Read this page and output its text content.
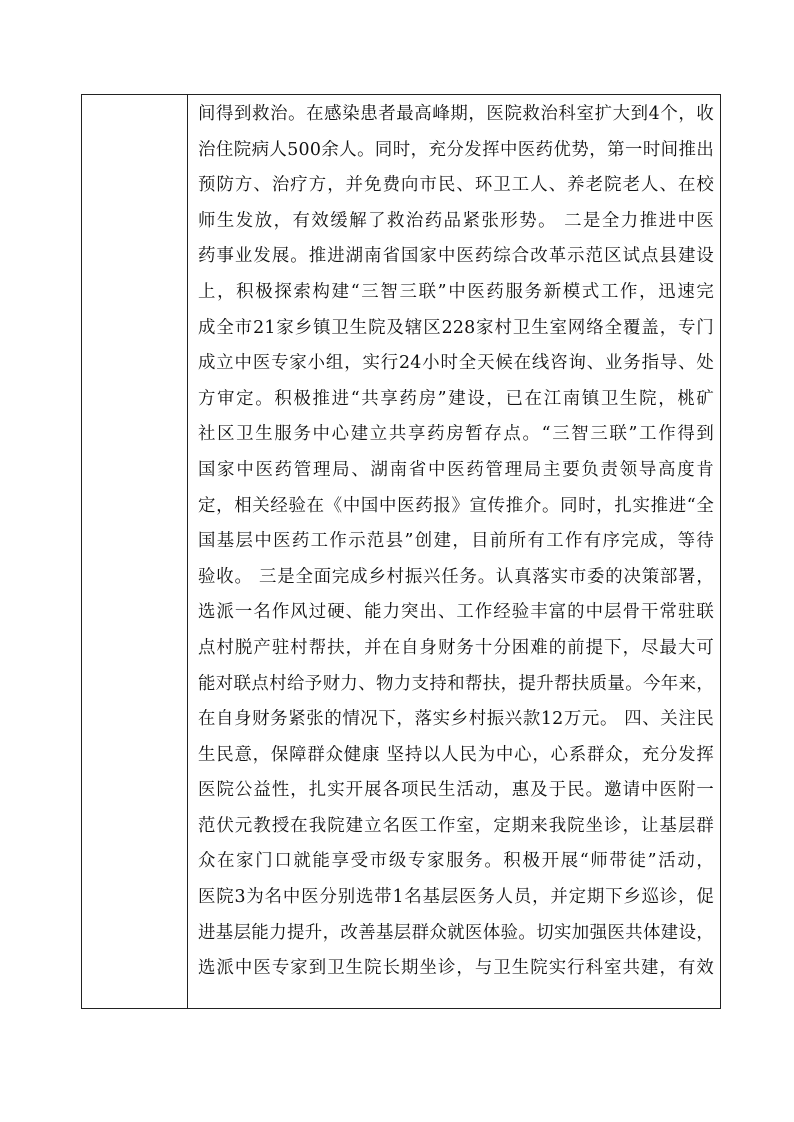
间得到救治。在感染患者最高峰期，医院救治科室扩大到4个，收
治住院病人500余人。同时，充分发挥中医药优势，第一时间推出
预防方、治疗方，并免费向市民、环卫工人、养老院老人、在校
师生发放，有效缓解了救治药品紧张形势。 二是全力推进中医
药事业发展。推进湖南省国家中医药综合改革示范区试点县建设
上，积极探索构建“三智三联”中医药服务新模式工作，迅速完
成全市21家乡镇卫生院及辖区228家村卫生室网络全覆盖，专门
成立中医专家小组，实行24小时全天候在线咨询、业务指导、处
方审定。积极推进“共享药房”建设，已在江南镇卫生院，桃矿
社区卫生服务中心建立共享药房暂存点。“三智三联”工作得到
国家中医药管理局、湖南省中医药管理局主要负责领导高度肯
定，相关经验在《中国中医药报》宣传推介。同时，扎实推进“全
国基层中医药工作示范县”创建，目前所有工作有序完成，等待
验收。 三是全面完成乡村振兴任务。认真落实市委的决策部署，
选派一名作风过硬、能力突出、工作经验丰富的中层骨干常驻联
点村脱产驻村帮扶，并在自身财务十分困难的前提下，尽最大可
能对联点村给予财力、物力支持和帮扶，提升帮扶质量。今年来，
在自身财务紧张的情况下，落实乡村振兴款12万元。 四、关注民
生民意，保障群众健康 坚持以人民为中心，心系群众，充分发挥
医院公益性，扎实开展各项民生活动，惠及于民。邀请中医附一
范伏元教授在我院建立名医工作室，定期来我院坐诊，让基层群
众在家门口就能享受市级专家服务。积极开展“师带徒”活动，
医院3为名中医分别选带1名基层医务人员，并定期下乡巡诊，促
进基层能力提升，改善基层群众就医体验。切实加强医共体建设，
选派中医专家到卫生院长期坐诊，与卫生院实行科室共建，有效
